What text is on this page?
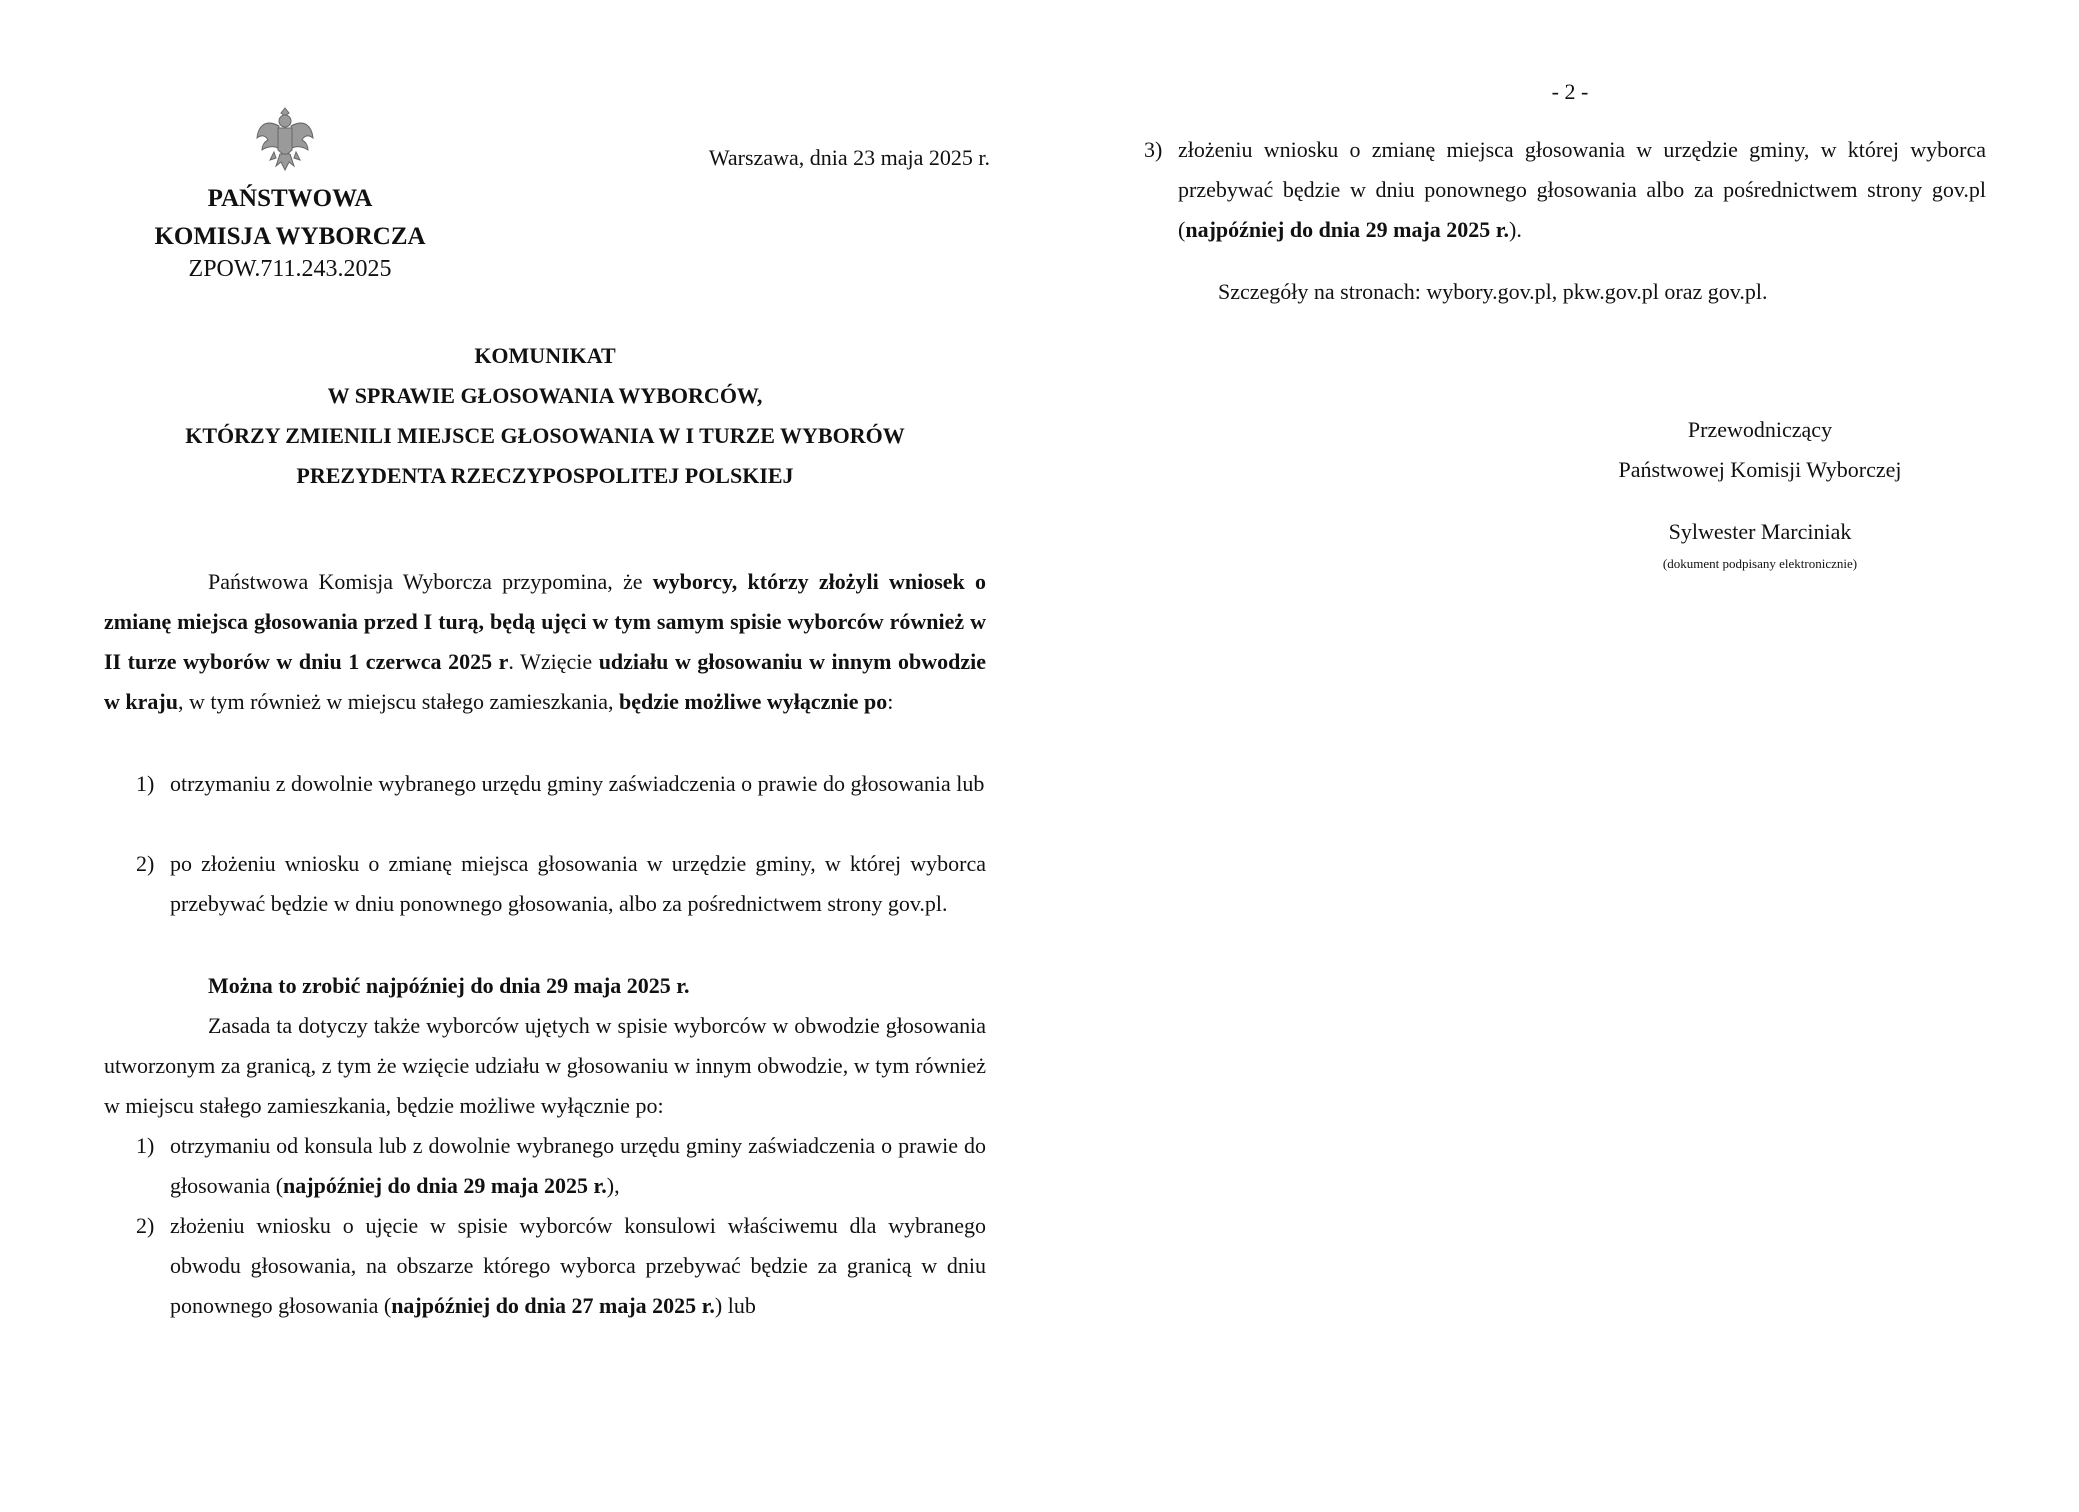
PAŃSTWOWA
KOMISJA WYBORCZA
ZPOW.711.243.2025
Warszawa, dnia 23 maja 2025 r.
KOMUNIKAT
W SPRAWIE GŁOSOWANIA WYBORCÓW,
KTÓRZY ZMIENILI MIEJSCE GŁOSOWANIA W I TURZE WYBORÓW
PREZYDENTA RZECZYPOSPOLITEJ POLSKIEJ
Państwowa Komisja Wyborcza przypomina, że wyborcy, którzy złożyli wniosek o zmianę miejsca głosowania przed I turą, będą ujęci w tym samym spisie wyborców również w II turze wyborów w dniu 1 czerwca 2025 r. Wzięcie udziału w głosowaniu w innym obwodzie w kraju, w tym również w miejscu stałego zamieszkania, będzie możliwe wyłącznie po:
1) otrzymaniu z dowolnie wybranego urzędu gminy zaświadczenia o prawie do głosowania lub
2) po złożeniu wniosku o zmianę miejsca głosowania w urzędzie gminy, w której wyborca przebywać będzie w dniu ponownego głosowania, albo za pośrednictwem strony gov.pl.
Można to zrobić najpóźniej do dnia 29 maja 2025 r.
Zasada ta dotyczy także wyborców ujętych w spisie wyborców w obwodzie głosowania utworzonym za granicą, z tym że wzięcie udziału w głosowaniu w innym obwodzie, w tym również w miejscu stałego zamieszkania, będzie możliwe wyłącznie po:
1) otrzymaniu od konsula lub z dowolnie wybranego urzędu gminy zaświadczenia o prawie do głosowania (najpóźniej do dnia 29 maja 2025 r.),
2) złożeniu wniosku o ujęcie w spisie wyborców konsulowi właściwemu dla wybranego obwodu głosowania, na obszarze którego wyborca przebywać będzie za granicą w dniu ponownego głosowania (najpóźniej do dnia 27 maja 2025 r.) lub
- 2 -
3) złożeniu wniosku o zmianę miejsca głosowania w urzędzie gminy, w której wyborca przebywać będzie w dniu ponownego głosowania albo za pośrednictwem strony gov.pl (najpóźniej do dnia 29 maja 2025 r.).
Szczegóły na stronach: wybory.gov.pl, pkw.gov.pl oraz gov.pl.
Przewodniczący
Państwowej Komisji Wyborczej
Sylwester Marciniak
(dokument podpisany elektronicznie)
